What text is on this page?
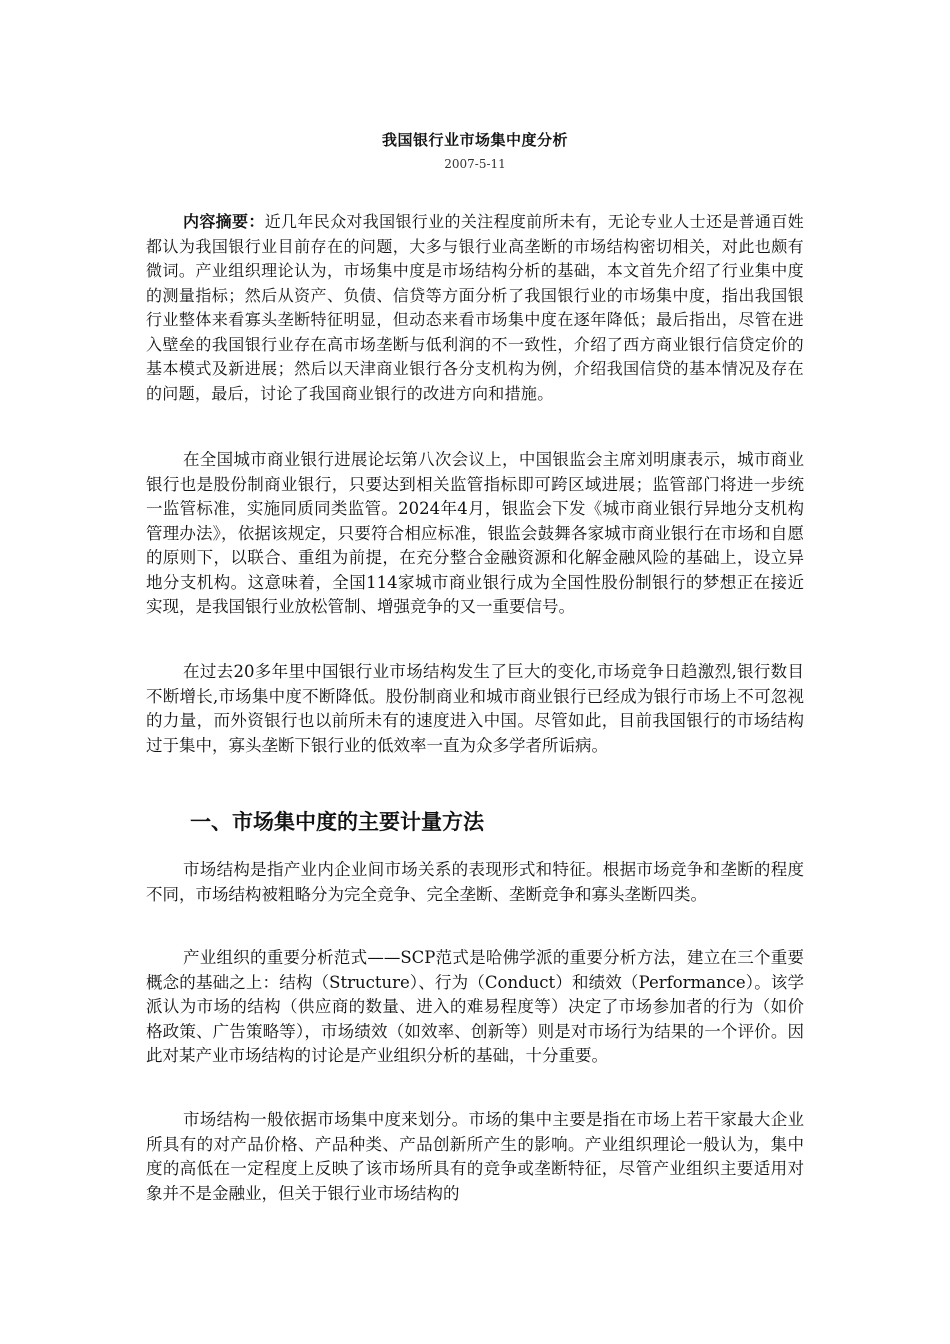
我国银行业市场集中度分析
2007-5-11

内容摘要：近几年民众对我国银行业的关注程度前所未有，无论专业人士还是普通百姓都认为我国银行业目前存在的问题，大多与银行业高垄断的市场结构密切相关，对此也颇有微词。产业组织理论认为，市场集中度是市场结构分析的基础，本文首先介绍了行业集中度的测量指标；然后从资产、负债、信贷等方面分析了我国银行业的市场集中度，指出我国银行业整体来看寡头垄断特征明显，但动态来看市场集中度在逐年降低；最后指出，尽管在进入壁垒的我国银行业存在高市场垄断与低利润的不一致性，介绍了西方商业银行信贷定价的基本模式及新进展；然后以天津商业银行各分支机构为例，介绍我国信贷的基本情况及存在的问题，最后，讨论了我国商业银行的改进方向和措施。

在全国城市商业银行进展论坛第八次会议上，中国银监会主席刘明康表示，城市商业银行也是股份制商业银行，只要达到相关监管指标即可跨区域进展；监管部门将进一步统一监管标准，实施同质同类监管。2024年4月，银监会下发《城市商业银行异地分支机构管理办法》，依据该规定，只要符合相应标准，银监会鼓舞各家城市商业银行在市场和自愿的原则下，以联合、重组为前提，在充分整合金融资源和化解金融风险的基础上，设立异地分支机构。这意味着，全国114家城市商业银行成为全国性股份制银行的梦想正在接近实现，是我国银行业放松管制、增强竞争的又一重要信号。

在过去20多年里中国银行业市场结构发生了巨大的变化,市场竞争日趋激烈,银行数目不断增长,市场集中度不断降低。股份制商业和城市商业银行已经成为银行市场上不可忽视的力量，而外资银行也以前所未有的速度进入中国。尽管如此，目前我国银行的市场结构过于集中，寡头垄断下银行业的低效率一直为众多学者所诟病。

一、市场集中度的主要计量方法

市场结构是指产业内企业间市场关系的表现形式和特征。根据市场竞争和垄断的程度不同，市场结构被粗略分为完全竞争、完全垄断、垄断竞争和寡头垄断四类。

产业组织的重要分析范式——SCP范式是哈佛学派的重要分析方法，建立在三个重要概念的基础之上：结构（Structure）、行为（Conduct）和绩效（Performance）。该学派认为市场的结构（供应商的数量、进入的难易程度等）决定了市场参加者的行为（如价格政策、广告策略等），市场绩效（如效率、创新等）则是对市场行为结果的一个评价。因此对某产业市场结构的讨论是产业组织分析的基础，十分重要。

市场结构一般依据市场集中度来划分。市场的集中主要是指在市场上若干家最大企业所具有的对产品价格、产品种类、产品创新所产生的影响。产业组织理论一般认为，集中度的高低在一定程度上反映了该市场所具有的竞争或垄断特征，尽管产业组织主要适用对象并不是金融业，但关于银行业市场结构的
